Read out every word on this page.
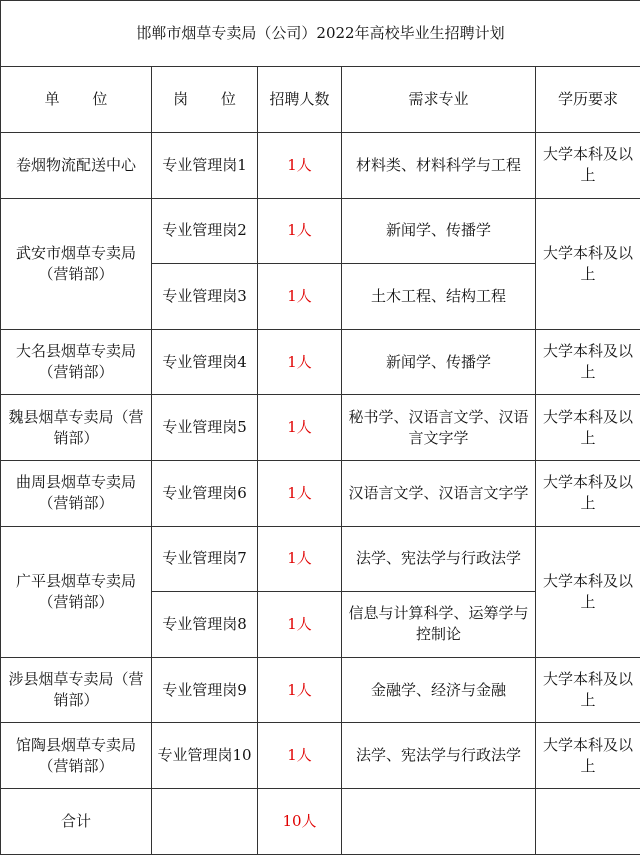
邯郸市烟草专卖局（公司）2022年高校毕业生招聘计划				
单 位	岗 位	招聘人数	需求专业	学历要求
卷烟物流配送中心	专业管理岗1	1人	材料类、材料科学与工程	大学本科及以上
武安市烟草专卖局（营销部）	专业管理岗2	1人	新闻学、传播学	大学本科及以上
	专业管理岗3	1人	土木工程、结构工程	
大名县烟草专卖局（营销部）	专业管理岗4	1人	新闻学、传播学	大学本科及以上
魏县烟草专卖局（营销部）	专业管理岗5	1人	秘书学、汉语言文学、汉语言文字学	大学本科及以上
曲周县烟草专卖局（营销部）	专业管理岗6	1人	汉语言文学、汉语言文字学	大学本科及以上
广平县烟草专卖局（营销部）	专业管理岗7	1人	法学、宪法学与行政法学	大学本科及以上
	专业管理岗8	1人	信息与计算科学、运筹学与控制论	
涉县烟草专卖局（营销部）	专业管理岗9	1人	金融学、经济与金融	大学本科及以上
馆陶县烟草专卖局（营销部）	专业管理岗10	1人	法学、宪法学与行政法学	大学本科及以上
合计		10人		
